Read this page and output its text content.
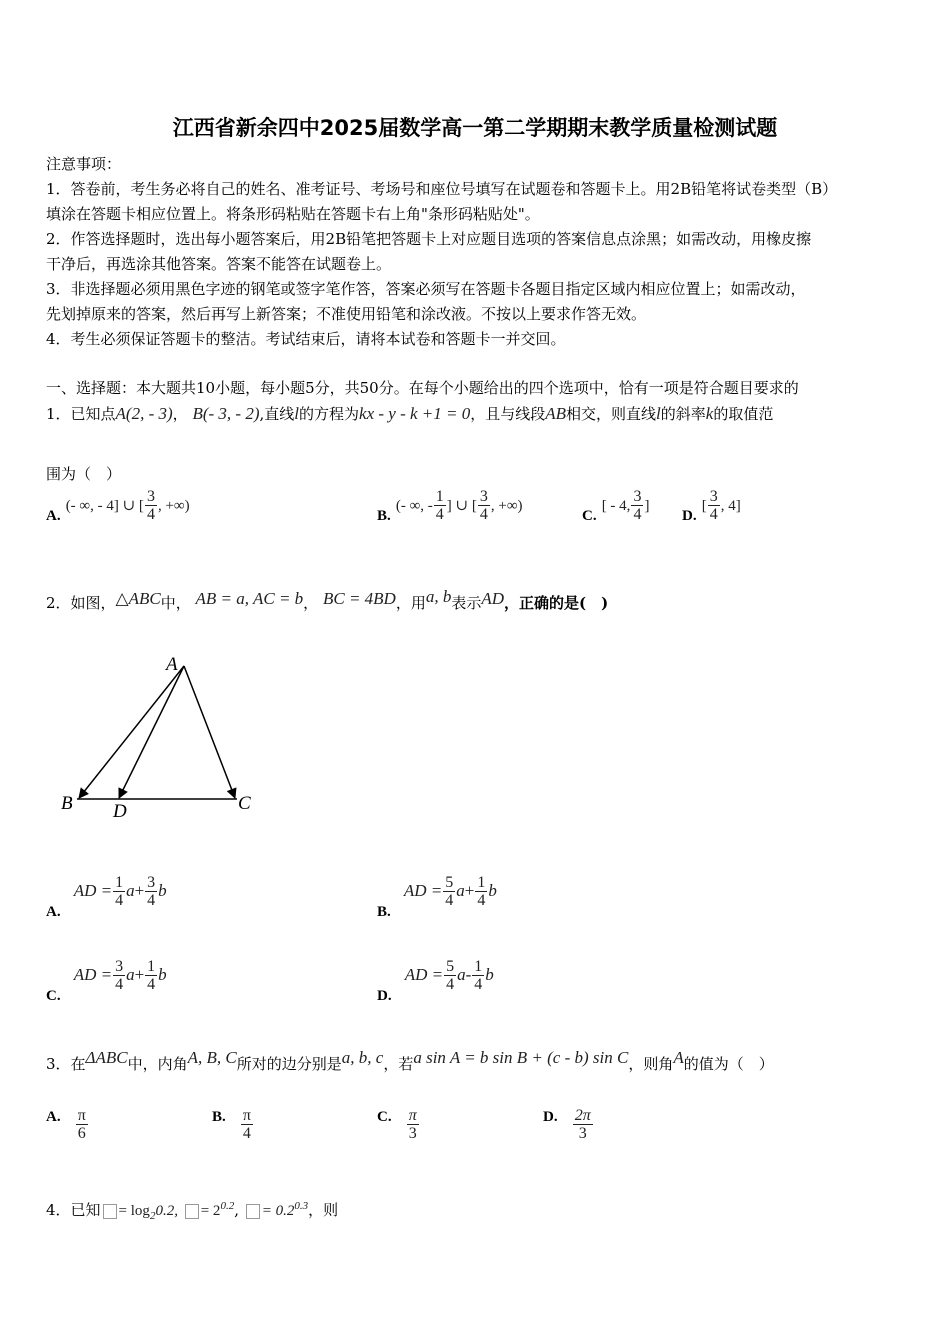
江西省新余四中2025届数学高一第二学期期末教学质量检测试题
注意事项：
1．答卷前，考生务必将自己的姓名、准考证号、考场号和座位号填写在试题卷和答题卡上。用2B铅笔将试卷类型（B）
填涂在答题卡相应位置上。将条形码粘贴在答题卡右上角"条形码粘贴处"。
2．作答选择题时，选出每小题答案后，用2B铅笔把答题卡上对应题目选项的答案信息点涂黑；如需改动，用橡皮擦
干净后，再选涂其他答案。答案不能答在试题卷上。
3．非选择题必须用黑色字迹的钢笔或签字笔作答，答案必须写在答题卡各题目指定区域内相应位置上；如需改动，
先划掉原来的答案，然后再写上新答案；不准使用铅笔和涂改液。不按以上要求作答无效。
4．考生必须保证答题卡的整洁。考试结束后，请将本试卷和答题卡一并交回。
一、选择题：本大题共10小题，每小题5分，共50分。在每个小题给出的四个选项中，恰有一项是符合题目要求的
1．已知点A(2, - 3)， B(- 3, - 2),直线l的方程为kx - y - k +1 = 0，且与线段AB相交，则直线l的斜率k的取值范
围为（　）
A. (- ∞, - 4] ∪ [ $\frac{3}{4}$ , +∞)
B. (- ∞, - $\frac{1}{4}$ ] ∪ [ $\frac{3}{4}$ , +∞)
C. [ - 4, $\frac{3}{4}$ ]
D. [ $\frac{3}{4}$ , 4]
2．如图，△ABC中， AB = a, AC = b， BC = 4BD，用a, b表示AD，正确的是(　)
A
B D	C
A. AD = $\frac{1}{4} a+ \frac{3}{4}$ b
B. AD = $\frac{5}{4} a+ \frac{1}{4}$ b
C. AD = $\frac{3}{4} a+ \frac{1}{4}$ b
D. AD = $\frac{5}{4} a- \frac{1}{4}$ b
3．在ΔABC中，内角A, B, C所对的边分别是a, b, c，若a sin A = b sin B + (c - b) sin C，则角A的值为（　）
A. $\frac{\pi}{6}$	B. $\frac{\pi}{4}$	C. $\frac{\pi}{3}$	D. $\frac{2\pi}{3}$
4．已知 = $\log_20.2$, = $2^{0.2}$, = $0.2^{0.3}$，则
